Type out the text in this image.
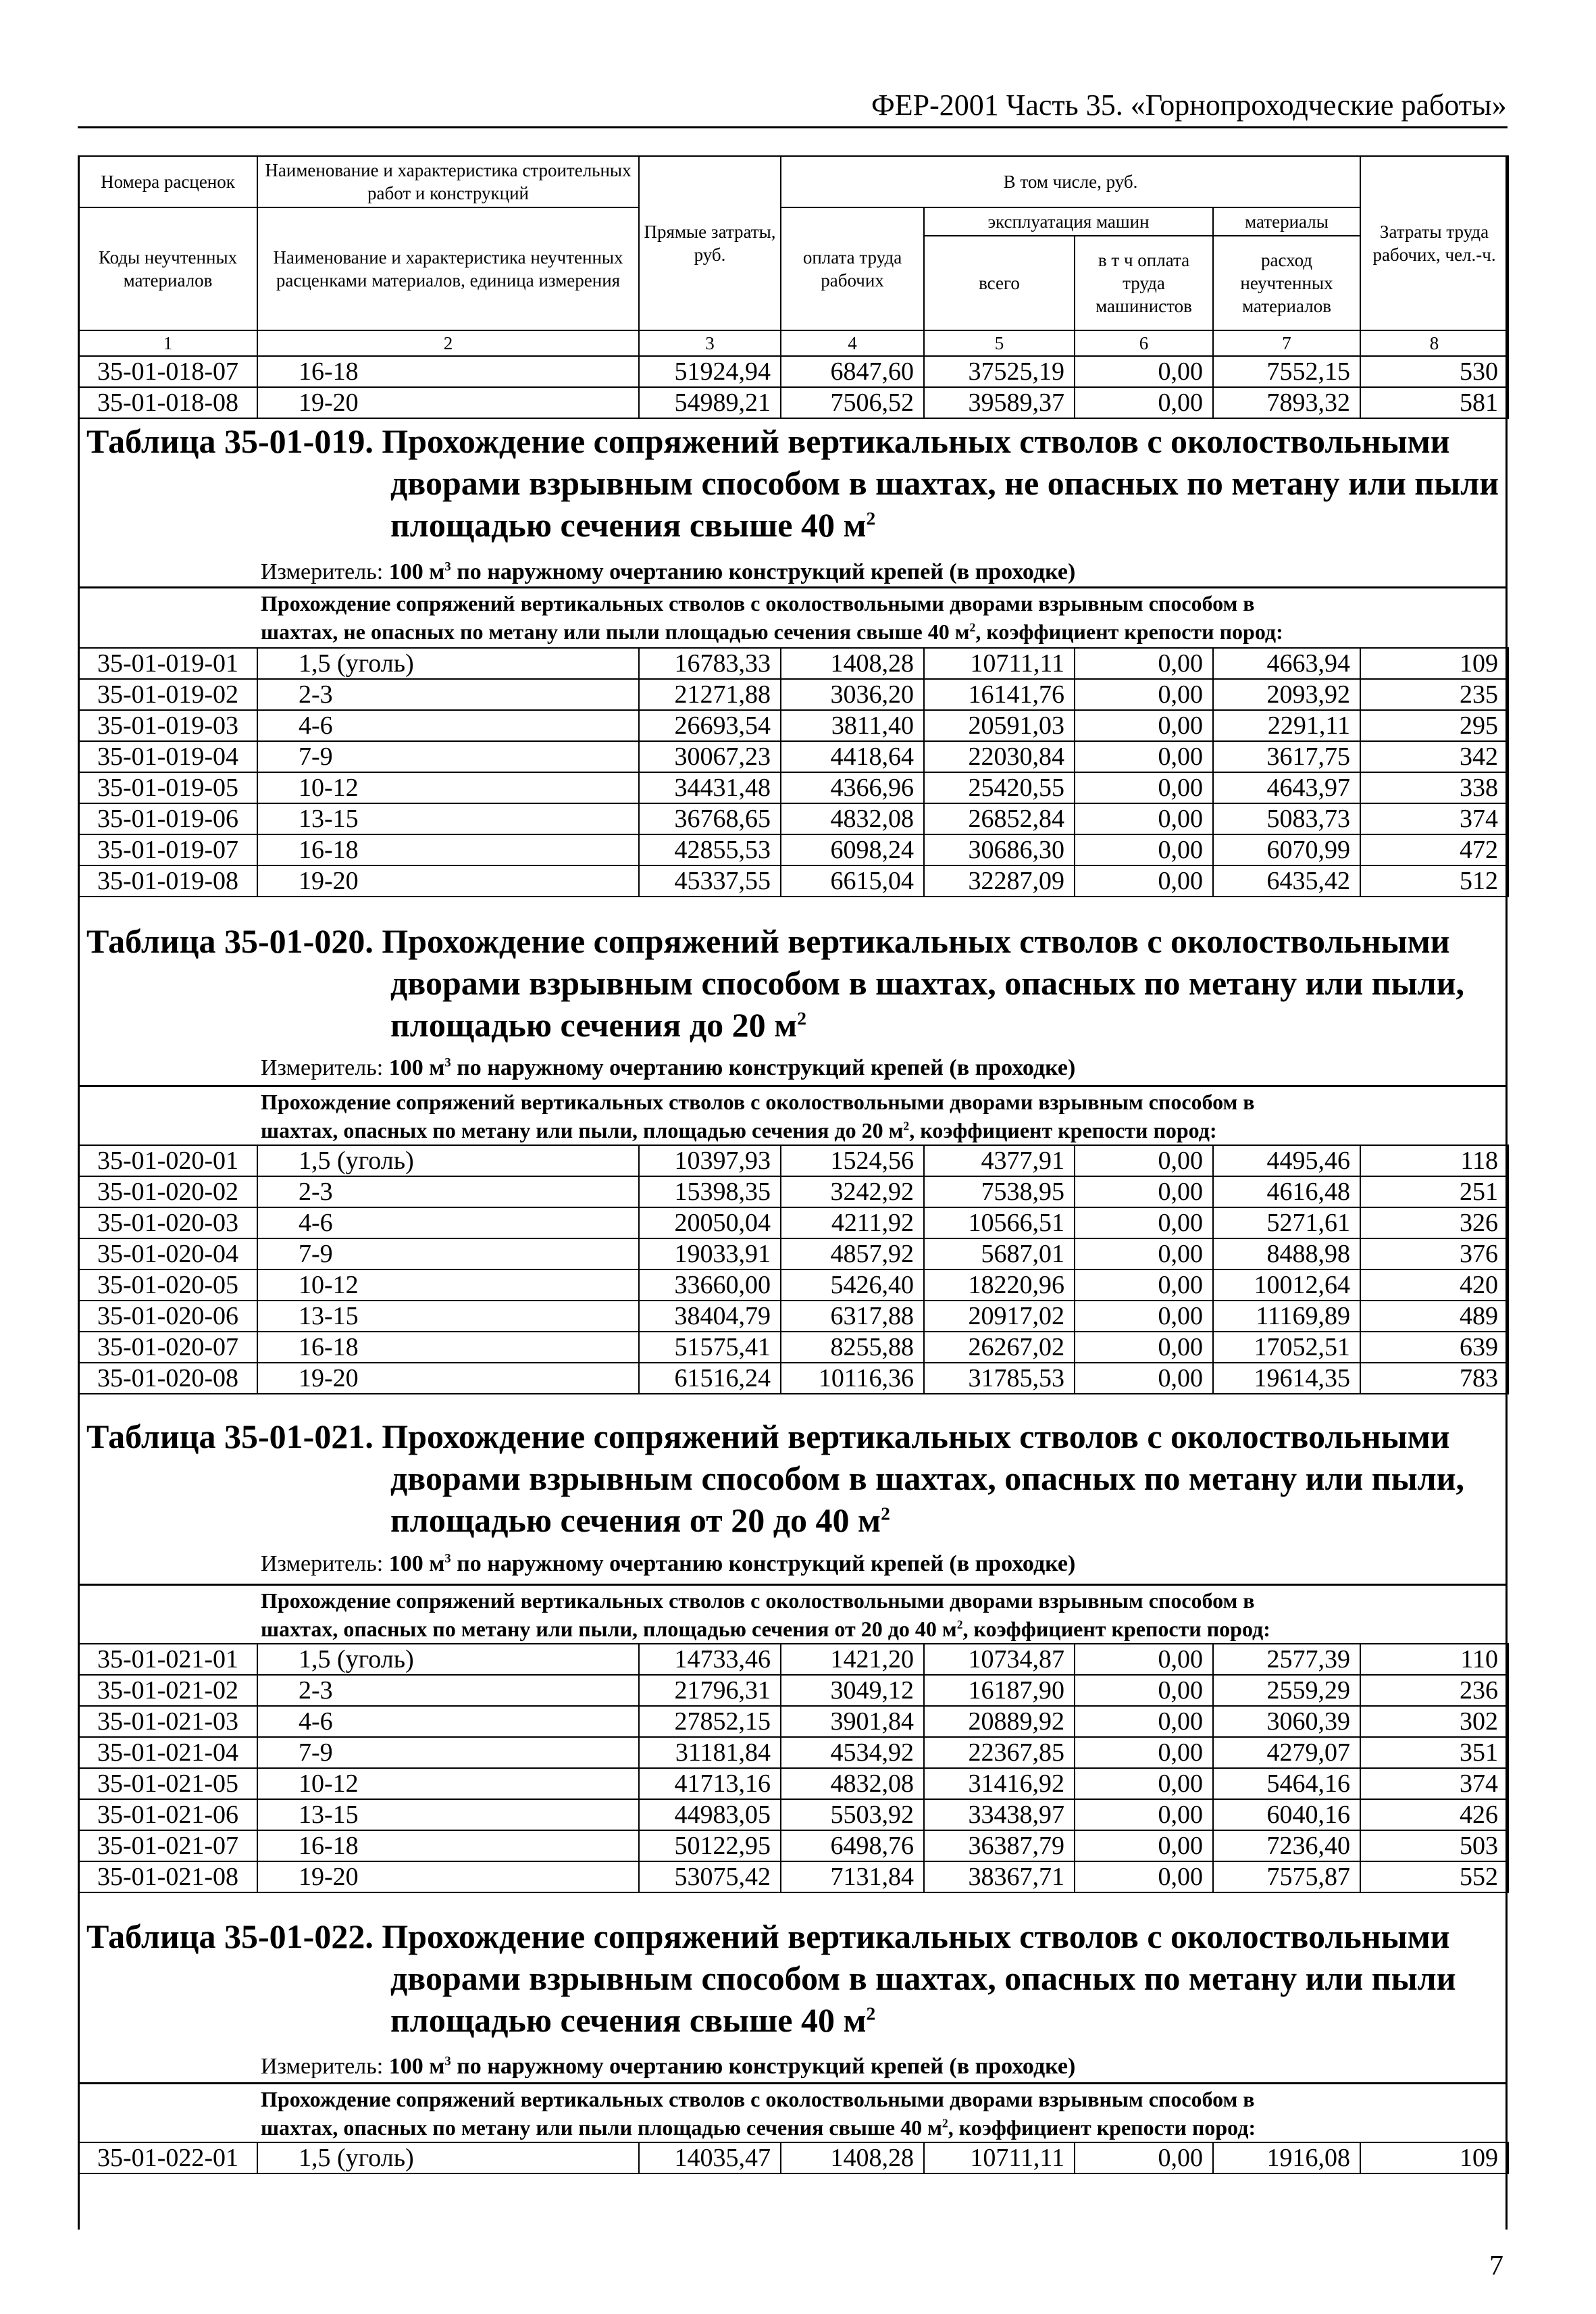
ФЕР-2001 Часть 35. «Горнопроходческие работы»
Номера расценок	Наименование и характеристика строительных работ и конструкций	Прямые затраты, руб.	В том числе, руб.				Затраты труда рабочих, чел.-ч.
Коды неучтенных материалов	Наименование и характеристика неучтенных расценками материалов, единица измерения		оплата труда рабочих	эксплуатация машин		материалы	
				всего	в т ч оплата труда машинистов	расход неучтенных материалов	
1	2	3	4	5	6	7	8
35-01-018-07	16-18	51924,94	6847,60	37525,19	0,00	7552,15	530
35-01-018-08	19-20	54989,21	7506,52	39589,37	0,00	7893,32	581
Таблица 35-01-019. Прохождение сопряжений вертикальных стволов с околоствольными
дворами взрывным способом в шахтах, не опасных по метану или пыли
площадью сечения свыше 40 $м^2$
Измеритель: 100 $м^3$ по наружному очертанию конструкций крепей (в проходке)
Прохождение сопряжений вертикальных стволов с околоствольными дворами взрывным способом в
шахтах, не опасных по метану или пыли площадью сечения свыше 40 $м^2$, коэффициент крепости пород:
35-01-019-01	1,5 (уголь)	16783,33	1408,28	10711,11	0,00	4663,94	109
35-01-019-02	2-3	21271,88	3036,20	16141,76	0,00	2093,92	235
35-01-019-03	4-6	26693,54	3811,40	20591,03	0,00	2291,11	295
35-01-019-04	7-9	30067,23	4418,64	22030,84	0,00	3617,75	342
35-01-019-05	10-12	34431,48	4366,96	25420,55	0,00	4643,97	338
35-01-019-06	13-15	36768,65	4832,08	26852,84	0,00	5083,73	374
35-01-019-07	16-18	42855,53	6098,24	30686,30	0,00	6070,99	472
35-01-019-08	19-20	45337,55	6615,04	32287,09	0,00	6435,42	512
Таблица 35-01-020. Прохождение сопряжений вертикальных стволов с околоствольными
дворами взрывным способом в шахтах, опасных по метану или пыли,
площадью сечения до 20 $м^2$
Измеритель: 100 $м^3$ по наружному очертанию конструкций крепей (в проходке)
Прохождение сопряжений вертикальных стволов с околоствольными дворами взрывным способом в
шахтах, опасных по метану или пыли, площадью сечения до 20 $м^2$, коэффициент крепости пород:
35-01-020-01	1,5 (уголь)	10397,93	1524,56	4377,91	0,00	4495,46	118
35-01-020-02	2-3	15398,35	3242,92	7538,95	0,00	4616,48	251
35-01-020-03	4-6	20050,04	4211,92	10566,51	0,00	5271,61	326
35-01-020-04	7-9	19033,91	4857,92	5687,01	0,00	8488,98	376
35-01-020-05	10-12	33660,00	5426,40	18220,96	0,00	10012,64	420
35-01-020-06	13-15	38404,79	6317,88	20917,02	0,00	11169,89	489
35-01-020-07	16-18	51575,41	8255,88	26267,02	0,00	17052,51	639
35-01-020-08	19-20	61516,24	10116,36	31785,53	0,00	19614,35	783
Таблица 35-01-021. Прохождение сопряжений вертикальных стволов с околоствольными
дворами взрывным способом в шахтах, опасных по метану или пыли,
площадью сечения от 20 до 40 $м^2$
Измеритель: 100 $м^3$ по наружному очертанию конструкций крепей (в проходке)
Прохождение сопряжений вертикальных стволов с околоствольными дворами взрывным способом в
шахтах, опасных по метану или пыли, площадью сечения от 20 до 40 $м^2$, коэффициент крепости пород:
35-01-021-01	1,5 (уголь)	14733,46	1421,20	10734,87	0,00	2577,39	110
35-01-021-02	2-3	21796,31	3049,12	16187,90	0,00	2559,29	236
35-01-021-03	4-6	27852,15	3901,84	20889,92	0,00	3060,39	302
35-01-021-04	7-9	31181,84	4534,92	22367,85	0,00	4279,07	351
35-01-021-05	10-12	41713,16	4832,08	31416,92	0,00	5464,16	374
35-01-021-06	13-15	44983,05	5503,92	33438,97	0,00	6040,16	426
35-01-021-07	16-18	50122,95	6498,76	36387,79	0,00	7236,40	503
35-01-021-08	19-20	53075,42	7131,84	38367,71	0,00	7575,87	552
Таблица 35-01-022. Прохождение сопряжений вертикальных стволов с околоствольными
дворами взрывным способом в шахтах, опасных по метану или пыли
площадью сечения свыше 40 $м^2$
Измеритель: 100 $м^3$ по наружному очертанию конструкций крепей (в проходке)
Прохождение сопряжений вертикальных стволов с околоствольными дворами взрывным способом в
шахтах, опасных по метану или пыли площадью сечения свыше 40 $м^2$, коэффициент крепости пород:
35-01-022-01	1,5 (уголь)	14035,47	1408,28	10711,11	0,00	1916,08	109
7
